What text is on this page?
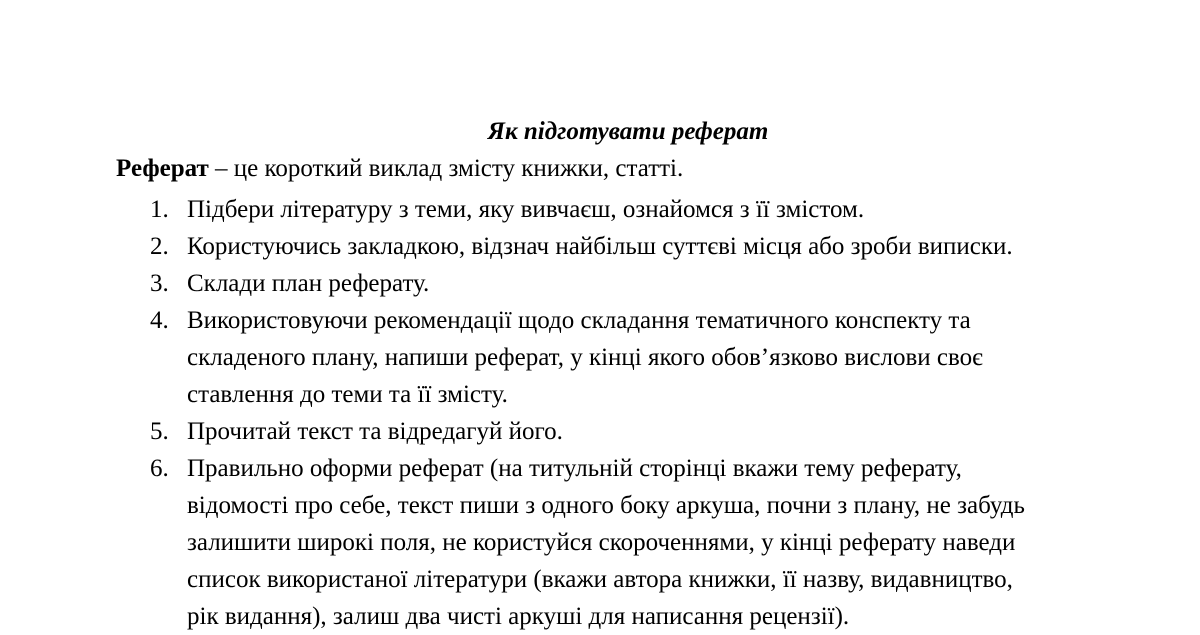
Як підготувати реферат
Реферат – це короткий виклад змісту книжки, статті.
1. Підбери літературу з теми, яку вивчаєш, ознайомся з її змістом.
2. Користуючись закладкою, відзнач найбільш суттєві місця або зроби виписки.
3. Склади план реферату.
4. Використовуючи рекомендації щодо складання тематичного конспекту та
складеного плану, напиши реферат, у кінці якого обов’язково вислови своє
ставлення до теми та її змісту.
5. Прочитай текст та відредагуй його.
6. Правильно оформи реферат (на титульній сторінці вкажи тему реферату,
відомості про себе, текст пиши з одного боку аркуша, почни з плану, не забудь
залишити широкі поля, не користуйся скороченнями, у кінці реферату наведи
список використаної літератури (вкажи автора книжки, її назву, видавництво,
рік видання), залиш два чисті аркуші для написання рецензії).
